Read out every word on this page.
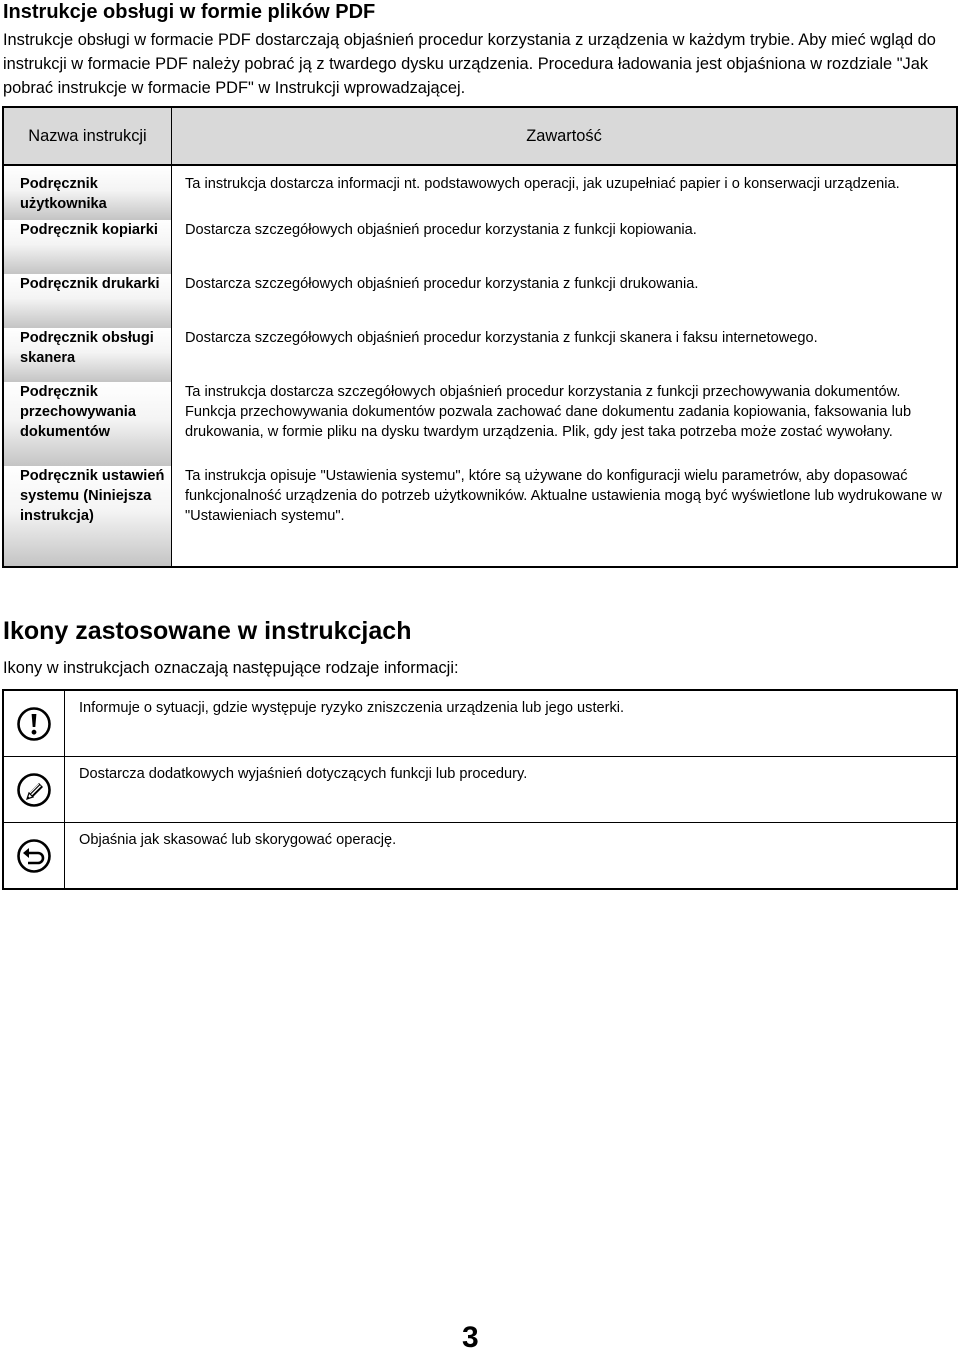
Instrukcje obsługi w formie plików PDF

Instrukcje obsługi w formacie PDF dostarczają objaśnień procedur korzystania z urządzenia w każdym trybie. Aby mieć wgląd do instrukcji w formacie PDF należy pobrać ją z twardego dysku urządzenia. Procedura ładowania jest objaśniona w rozdziale "Jak pobrać instrukcje w formacie PDF" w Instrukcji wprowadzającej.

Nazwa instrukcji	Zawartość
Podręcznik użytkownika	Ta instrukcja dostarcza informacji nt. podstawowych operacji, jak uzupełniać papier i o konserwacji urządzenia.
Podręcznik kopiarki	Dostarcza szczegółowych objaśnień procedur korzystania z funkcji kopiowania.
Podręcznik drukarki	Dostarcza szczegółowych objaśnień procedur korzystania z funkcji drukowania.
Podręcznik obsługi skanera	Dostarcza szczegółowych objaśnień procedur korzystania z funkcji skanera i faksu internetowego.
Podręcznik przechowywania dokumentów	Ta instrukcja dostarcza szczegółowych objaśnień procedur korzystania z funkcji przechowywania dokumentów. Funkcja przechowywania dokumentów pozwala zachować dane dokumentu zadania kopiowania, faksowania lub drukowania, w formie pliku na dysku twardym urządzenia. Plik, gdy jest taka potrzeba może zostać wywołany.
Podręcznik ustawień systemu (Niniejsza instrukcja)	Ta instrukcja opisuje "Ustawienia systemu", które są używane do konfiguracji wielu parametrów, aby dopasować funkcjonalność urządzenia do potrzeb użytkowników. Aktualne ustawienia mogą być wyświetlone lub wydrukowane w "Ustawieniach systemu".
Ikony zastosowane w instrukcjach

Ikony w instrukcjach oznaczają następujące rodzaje informacji:

	Informuje o sytuacji, gdzie występuje ryzyko zniszczenia urządzenia lub jego usterki.

	Dostarcza dodatkowych wyjaśnień dotyczących funkcji lub procedury.

	Objaśnia jak skasować lub skorygować operację.
3
